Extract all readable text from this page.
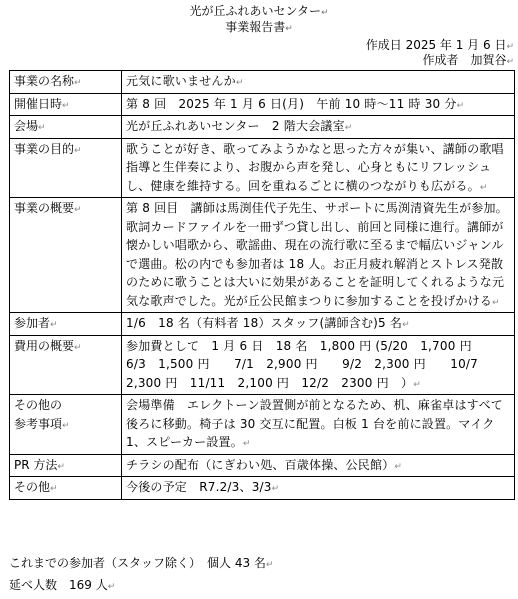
光が丘ふれあいセンター↵
事業報告書↵
作成日 2025 年 1 月 6 日↵
作成者　加賀谷↵
事業の名称↵	元気に歌いませんか↵
開催日時↵	第 8 回　2025 年 1 月 6 日(月)　午前 10 時～11 時 30 分↵
会場↵	光が丘ふれあいセンター　2 階大会議室↵
事業の目的↵	歌うことが好き、歌ってみようかなと思った方々が集い、講師の歌唱指導と生伴奏により、お腹から声を発し、心身ともにリフレッシュし、健康を維持する。回を重ねるごとに横のつながりも広がる。↵
事業の概要↵	第 8 回目　講師は馬渕佳代子先生、サポートに馬渕清資先生が参加。歌詞カードファイルを一冊ずつ貸し出し、前回と同様に進行。講師が懐かしい唱歌から、歌謡曲、現在の流行歌に至るまで幅広いジャンルで選曲。松の内でも参加者は 18 人。お正月疲れ解消とストレス発散のために歌うことは大いに効果があることを証明してくれるような元気な歌声でした。光が丘公民館まつりに参加することを投げかける↵
参加者↵	1/6　18 名（有料者 18）スタッフ(講師含む)5 名↵
費用の概要↵	参加費として　1 月 6 日　18 名　1,800 円 (5/20　1,700 円　　6/3　1,500 円　　7/1　2,900 円　　9/2　2,300 円　　10/7　2,300 円　11/11　2,100 円　12/2　2300 円　）↵
その他の
参考事項↵	会場準備　エレクトーン設置側が前となるため、机、麻雀卓はすべて後ろに移動。椅子は 30 交互に配置。白板 1 台を前に設置。マイク 1、スピーカー設置。↵
PR 方法↵	チラシの配布（にぎわい処、百歳体操、公民館）↵
その他↵	今後の予定　R7.2/3、3/3↵
これまでの参加者（スタッフ除く）　個人 43 名↵
延べ人数　169 人↵
